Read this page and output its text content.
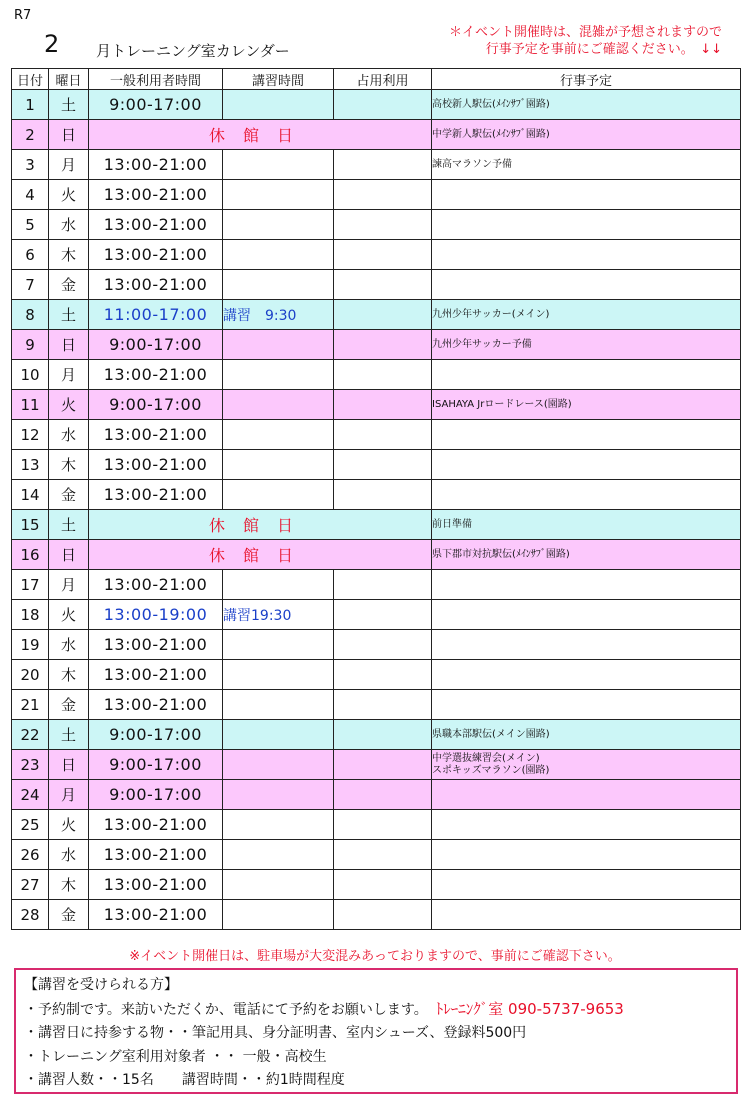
R7
2 月トレーニング室カレンダー
＊イベント開催時は、混雑が予想されますので
行事予定を事前にご確認ください。　↓↓
日付	曜日	一般利用者時間	講習時間	占用利用	行事予定
1	土	9:00-17:00			高校新人駅伝(ﾒｲﾝｻﾌﾞ園路)

2	日	休館日			中学新人駅伝(ﾒｲﾝｻﾌﾞ園路)

3	月	13:00-21:00			諫高マラソン予備

4	火	13:00-21:00			

5	水	13:00-21:00			

6	木	13:00-21:00			

7	金	13:00-21:00			

8	土	11:00-17:00	講習　9:30		九州少年サッカー(メイン)

9	日	9:00-17:00			九州少年サッカー予備

10	月	13:00-21:00			

11	火	9:00-17:00			ISAHAYA Jrロードレース(園路)

12	水	13:00-21:00			

13	木	13:00-21:00			

14	金	13:00-21:00			

15	土	休館日			前日準備

16	日	休館日			県下郡市対抗駅伝(ﾒｲﾝｻﾌﾞ園路)

17	月	13:00-21:00			

18	火	13:00-19:00	講習19:30		

19	水	13:00-21:00			

20	木	13:00-21:00			

21	金	13:00-21:00			

22	土	9:00-17:00			県職本部駅伝(メイン園路)

23	日	9:00-17:00			中学選抜練習会(メイン)
スポキッズマラソン(園路)

24	月	9:00-17:00			

25	火	13:00-21:00			

26	水	13:00-21:00			

27	木	13:00-21:00			

28	金	13:00-21:00			
※イベント開催日は、駐車場が大変混みあっておりますので、事前にご確認下さい。
【講習を受けられる方】
・予約制です。来訪いただくか、電話にて予約をお願いします。 ﾄﾚｰﾆﾝｸﾞ室 090-5737-9653
・講習日に持参する物・・筆記用具、身分証明書、室内シューズ、登録料500円
・トレーニング室利用対象者 ・・ 一般・高校生
・講習人数・・15名　　講習時間・・約1時間程度
